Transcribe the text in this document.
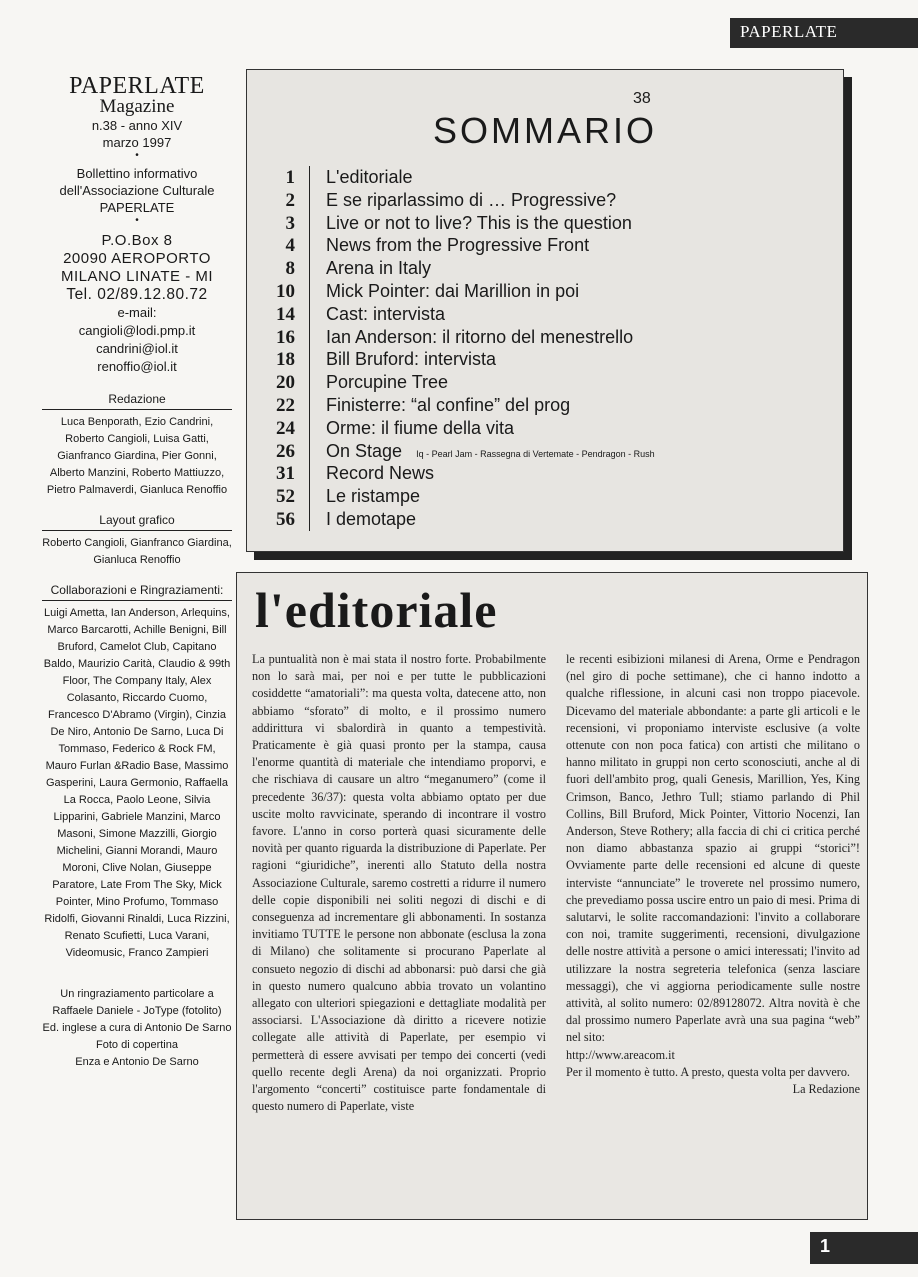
PAPERLATE
PAPERLATE
Magazine
n.38 - anno XIV
marzo 1997
•
Bollettino informativo dell'Associazione Culturale PAPERLATE
•
P.O.Box 8
20090 AEROPORTO
MILANO LINATE - MI
Tel. 02/89.12.80.72
e-mail:
cangioli@lodi.pmp.it
candrini@iol.it
renoffio@iol.it
Redazione
Luca Benporath, Ezio Candrini, Roberto Cangioli, Luisa Gatti, Gianfranco Giardina, Pier Gonni, Alberto Manzini, Roberto Mattiuzzo, Pietro Palmaverdi, Gianluca Renoffio
Layout grafico
Roberto Cangioli, Gianfranco Giardina, Gianluca Renoffio
Collaborazioni e Ringraziamenti:
Luigi Ametta, Ian Anderson, Arlequins, Marco Barcarotti, Achille Benigni, Bill Bruford, Camelot Club, Capitano Baldo, Maurizio Carità, Claudio & 99th Floor, The Company Italy, Alex Colasanto, Riccardo Cuomo, Francesco D'Abramo (Virgin), Cinzia De Niro, Antonio De Sarno, Luca Di Tommaso, Federico & Rock FM, Mauro Furlan &Radio Base, Massimo Gasperini, Laura Germonio, Raffaella La Rocca, Paolo Leone, Silvia Lipparini, Gabriele Manzini, Marco Masoni, Simone Mazzilli, Giorgio Michelini, Gianni Morandi, Mauro Moroni, Clive Nolan, Giuseppe Paratore, Late From The Sky, Mick Pointer, Mino Profumo, Tommaso Ridolfi, Giovanni Rinaldi, Luca Rizzini, Renato Scufietti, Luca Varani, Videomusic, Franco Zampieri
Un ringraziamento particolare a Raffaele Daniele - JoType (fotolito)
Ed. inglese a cura di Antonio De Sarno
Foto di copertina
Enza e Antonio De Sarno
38
SOMMARIO
1	L'editoriale
2	E se riparlassimo di … Progressive?
3	Live or not to live? This is the question
4	News from the Progressive Front
8	Arena in Italy
10	Mick Pointer: dai Marillion in poi
14	Cast: intervista
16	Ian Anderson: il ritorno del menestrello
18	Bill Bruford: intervista
20	Porcupine Tree
22	Finisterre: “al confine” del prog
24	Orme: il fiume della vita
26	On Stage Iq - Pearl Jam - Rassegna di Vertemate - Pendragon - Rush
31	Record News
52	Le ristampe
56	I demotape
l'editoriale

La puntualità non è mai stata il nostro forte. Probabilmente non lo sarà mai, per noi e per tutte le pubblicazioni cosiddette “amatoriali”: ma questa volta, datecene atto, non abbiamo “sforato” di molto, e il prossimo numero addirittura vi sbalordirà in quanto a tempestività. Praticamente è già quasi pronto per la stampa, causa l'enorme quantità di materiale che intendiamo proporvi, e che rischiava di causare un altro “meganumero” (come il precedente 36/37): questa volta abbiamo optato per due uscite molto ravvicinate, sperando di incontrare il vostro favore. L'anno in corso porterà quasi sicuramente delle novità per quanto riguarda la distribuzione di Paperlate. Per ragioni “giuridiche”, inerenti allo Statuto della nostra Associazione Culturale, saremo costretti a ridurre il numero delle copie disponibili nei soliti negozi di dischi e di conseguenza ad incrementare gli abbonamenti. In sostanza invitiamo TUTTE le persone non abbonate (esclusa la zona di Milano) che solitamente si procurano Paperlate al consueto negozio di dischi ad abbonarsi: può darsi che già in questo numero qualcuno abbia trovato un volantino allegato con ulteriori spiegazioni e dettagliate modalità per associarsi. L'Associazione dà diritto a ricevere notizie collegate alle attività di Paperlate, per esempio vi permetterà di essere avvisati per tempo dei concerti (vedi quello recente degli Arena) da noi organizzati. Proprio l'argomento “concerti” costituisce parte fondamentale di questo numero di Paperlate, viste

le recenti esibizioni milanesi di Arena, Orme e Pendragon (nel giro di poche settimane), che ci hanno indotto a qualche riflessione, in alcuni casi non troppo piacevole. Dicevamo del materiale abbondante: a parte gli articoli e le recensioni, vi proponiamo interviste esclusive (a volte ottenute con non poca fatica) con artisti che militano o hanno militato in gruppi non certo sconosciuti, anche al di fuori dell'ambito prog, quali Genesis, Marillion, Yes, King Crimson, Banco, Jethro Tull; stiamo parlando di Phil Collins, Bill Bruford, Mick Pointer, Vittorio Nocenzi, Ian Anderson, Steve Rothery; alla faccia di chi ci critica perché non diamo abbastanza spazio ai gruppi “storici”! Ovviamente parte delle recensioni ed alcune di queste interviste “annunciate” le troverete nel prossimo numero, che prevediamo possa uscire entro un paio di mesi. Prima di salutarvi, le solite raccomandazioni: l'invito a collaborare con noi, tramite suggerimenti, recensioni, divulgazione delle nostre attività a persone o amici interessati; l'invito ad utilizzare la nostra segreteria telefonica (senza lasciare messaggi), che vi aggiorna periodicamente sulle nostre attività, al solito numero: 02/89128072. Altra novità è che dal prossimo numero Paperlate avrà una sua pagina “web” nel sito:

http://www.areacom.it

Per il momento è tutto. A presto, questa volta per davvero.

La Redazione

1
